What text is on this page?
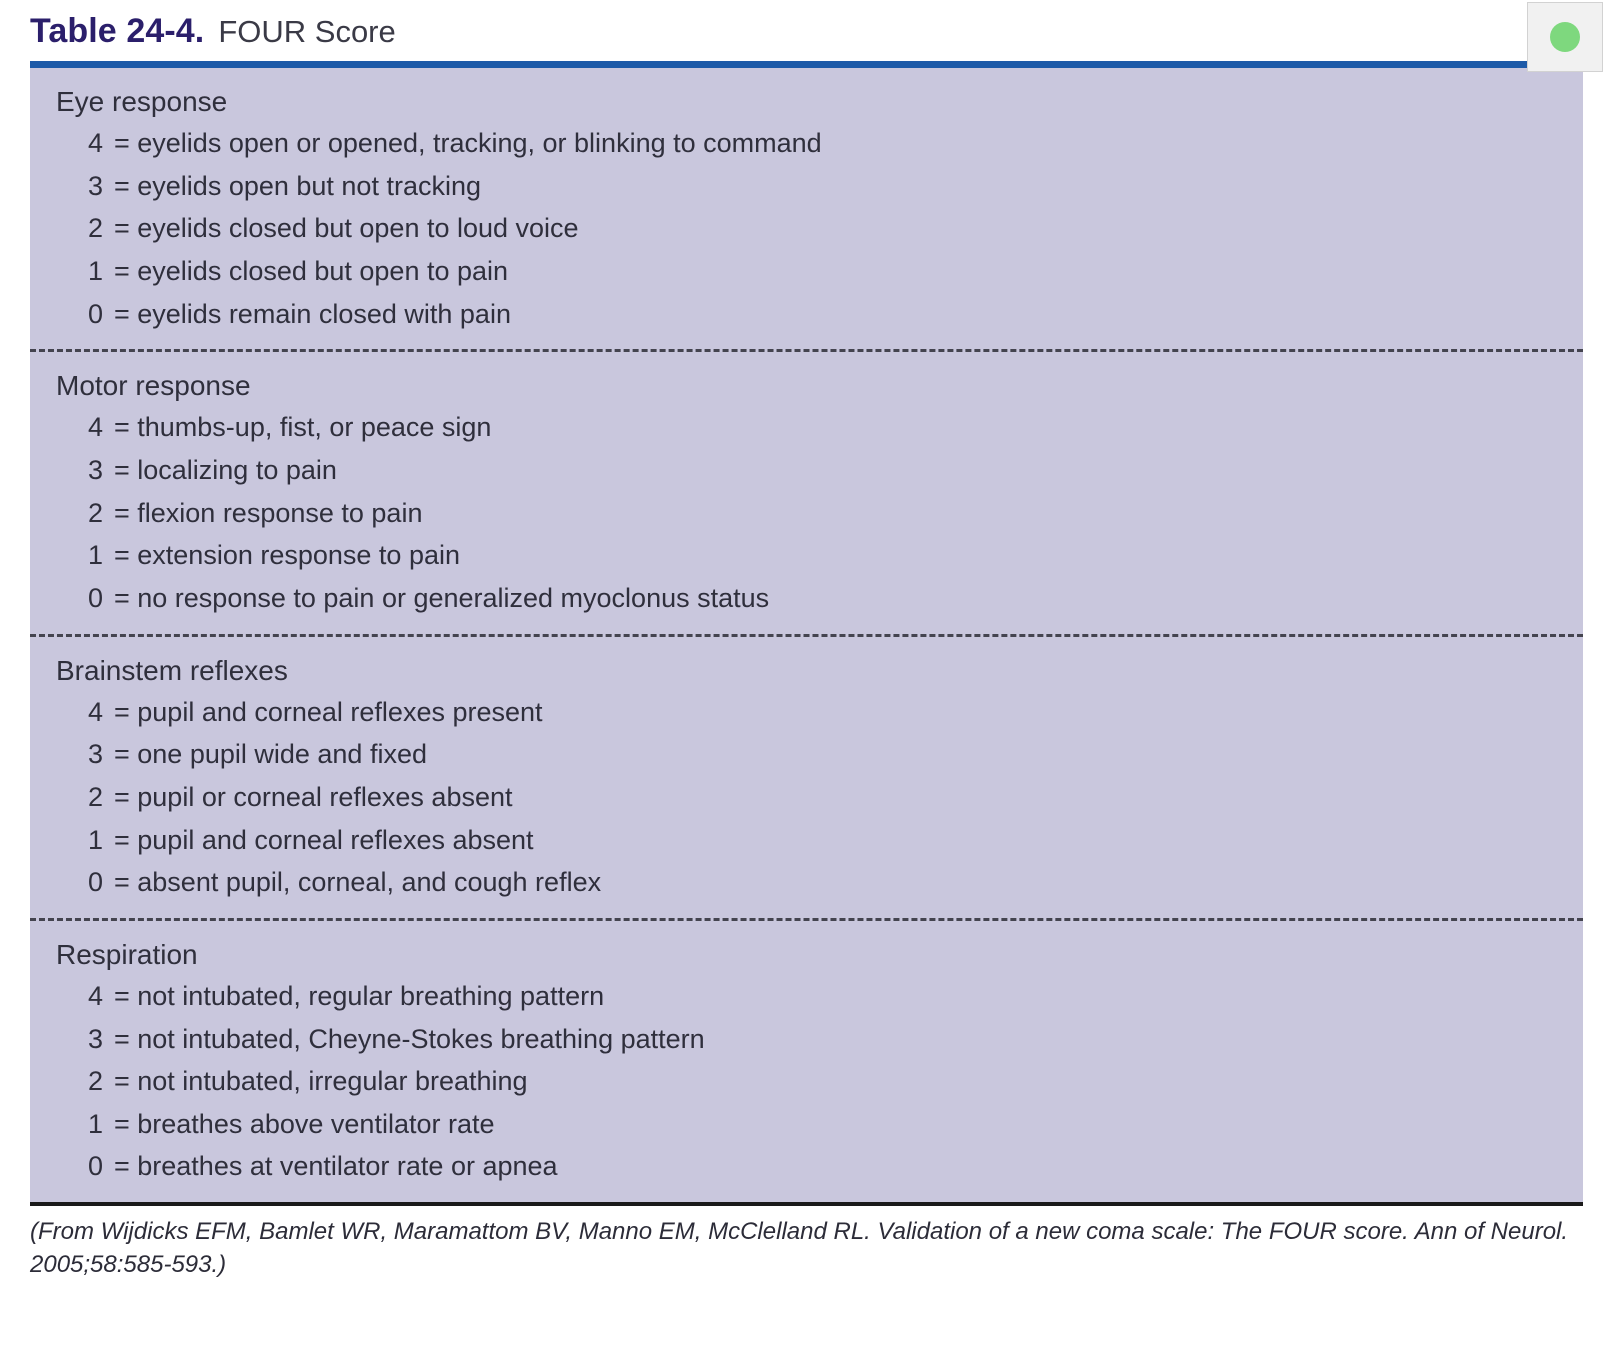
Table 24-4. FOUR Score
Eye response
4 = eyelids open or opened, tracking, or blinking to command
3 = eyelids open but not tracking
2 = eyelids closed but open to loud voice
1 = eyelids closed but open to pain
0 = eyelids remain closed with pain
Motor response
4 = thumbs-up, fist, or peace sign
3 = localizing to pain
2 = flexion response to pain
1 = extension response to pain
0 = no response to pain or generalized myoclonus status
Brainstem reflexes
4 = pupil and corneal reflexes present
3 = one pupil wide and fixed
2 = pupil or corneal reflexes absent
1 = pupil and corneal reflexes absent
0 = absent pupil, corneal, and cough reflex
Respiration
4 = not intubated, regular breathing pattern
3 = not intubated, Cheyne-Stokes breathing pattern
2 = not intubated, irregular breathing
1 = breathes above ventilator rate
0 = breathes at ventilator rate or apnea
(From Wijdicks EFM, Bamlet WR, Maramattom BV, Manno EM, McClelland RL. Validation of a new coma scale: The FOUR score. Ann of Neurol. 2005;58:585-593.)
